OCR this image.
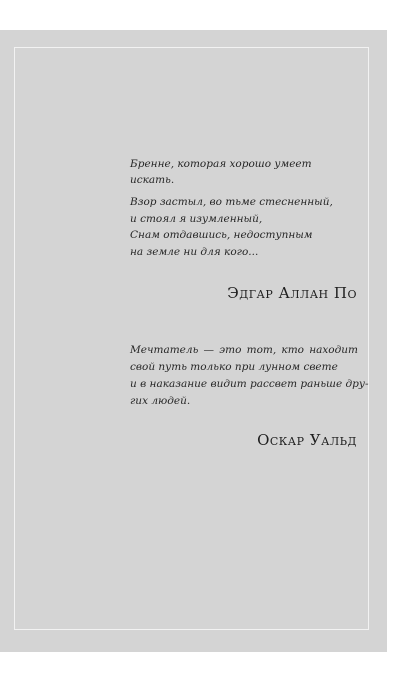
Бренне, которая хорошо умеет искать.

Взор застыл, во тьме стесненный,
и стоял я изумленный,
Снам отдавшись, недоступным
на земле ни для кого...

Эдгар Аллан По

Мечтатель — это тот, кто находит
свой путь только при лунном свете
и в наказание видит рассвет раньше дру-
гих людей.

Оскар Уальд
